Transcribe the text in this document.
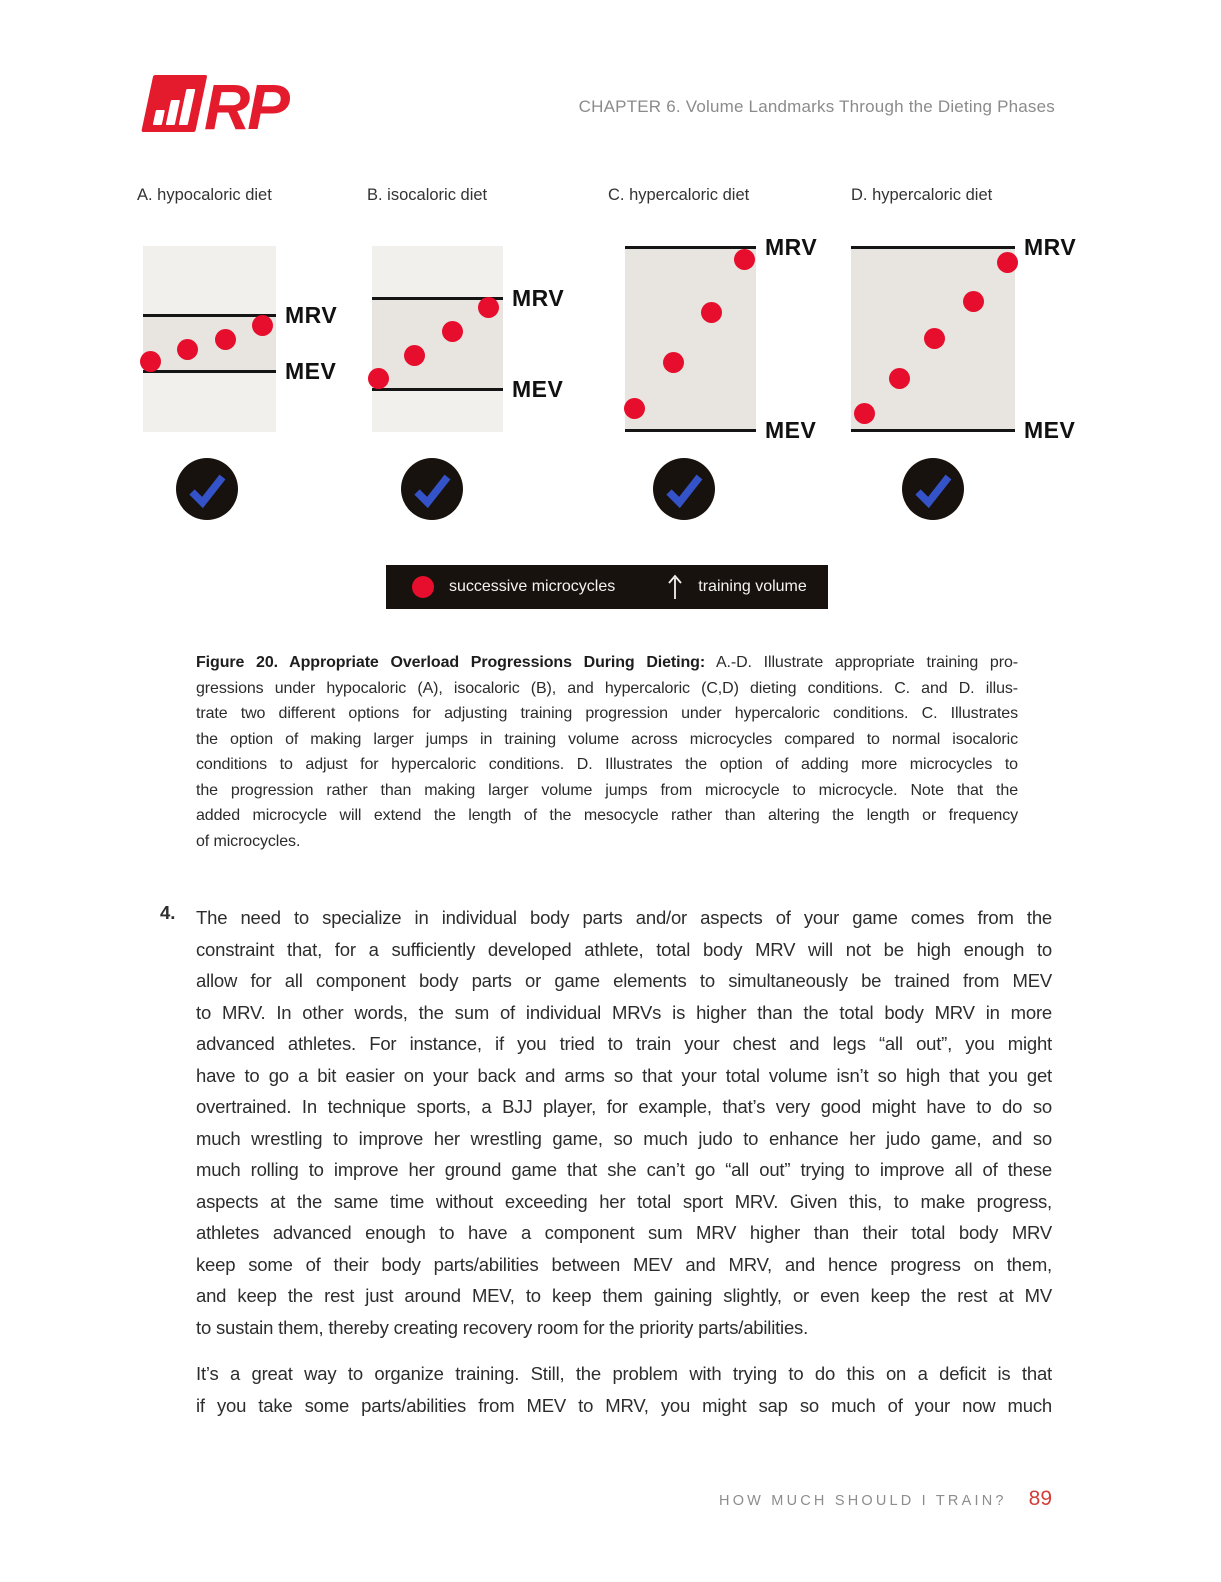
RP	CHAPTER 6. Volume Landmarks Through the Dieting Phases
A. hypocaloric diet
MRV
MEV
B. isocaloric diet
MRV
MEV
C. hypercaloric diet
MRV
MEV
D. hypercaloric diet
MRV
MEV
successive microcycles	training volume
Figure 20. Appropriate Overload Progressions During Dieting: A.-D. Illustrate appropriate training pro-
gressions under hypocaloric (A), isocaloric (B), and hypercaloric (C,D) dieting conditions. C. and D. illus-
trate two different options for adjusting training progression under hypercaloric conditions. C. Illustrates
the option of making larger jumps in training volume across microcycles compared to normal isocaloric
conditions to adjust for hypercaloric conditions. D. Illustrates the option of adding more microcycles to
the progression rather than making larger volume jumps from microcycle to microcycle. Note that the
added microcycle will extend the length of the mesocycle rather than altering the length or frequency
of microcycles.
4. The need to specialize in individual body parts and/or aspects of your game comes from the
constraint that, for a sufficiently developed athlete, total body MRV will not be high enough to
allow for all component body parts or game elements to simultaneously be trained from MEV
to MRV. In other words, the sum of individual MRVs is higher than the total body MRV in more
advanced athletes. For instance, if you tried to train your chest and legs “all out”, you might
have to go a bit easier on your back and arms so that your total volume isn’t so high that you get
overtrained. In technique sports, a BJJ player, for example, that’s very good might have to do so
much wrestling to improve her wrestling game, so much judo to enhance her judo game, and so
much rolling to improve her ground game that she can’t go “all out” trying to improve all of these
aspects at the same time without exceeding her total sport MRV. Given this, to make progress,
athletes advanced enough to have a component sum MRV higher than their total body MRV
keep some of their body parts/abilities between MEV and MRV, and hence progress on them,
and keep the rest just around MEV, to keep them gaining slightly, or even keep the rest at MV
to sustain them, thereby creating recovery room for the priority parts/abilities.
It’s a great way to organize training. Still, the problem with trying to do this on a deficit is that
if you take some parts/abilities from MEV to MRV, you might sap so much of your now much
HOW MUCH SHOULD I TRAIN? 89
